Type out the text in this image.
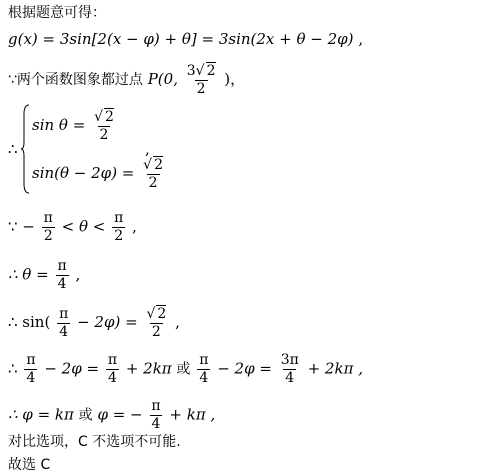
根据题意可得：
g(x) = 3sin[2(x − φ) + θ] = 3sin(2x + θ − 2φ) ,
∵两个函数图象都过点 P(0, $\frac{3√ 2}{2}$ )，
∴
$\sin \theta = \frac{√ 2}{2}$
$\sin(\theta - 2\varphi) = \frac{√ 2}{2}$
,
∵ − $\frac{\pi}{2} < \theta < \frac{\pi}{2}$ ,
∴ $\theta = \frac{\pi}{4}$ ,
∴ $\sin( \frac{\pi}{4} - 2\varphi) = \frac{√ 2}{2}$ ,
∴ $\frac{\pi}{4} - 2\varphi = \frac{\pi}{4} + 2k\pi$ 或 $\frac{\pi}{4} - 2\varphi = \frac{3\pi}{4} + 2k\pi$ ,
∴ φ = kπ 或 φ = − $\frac{\pi}{4} + k\pi$ ,
对比选项，C 不选项不可能.
故选 C
